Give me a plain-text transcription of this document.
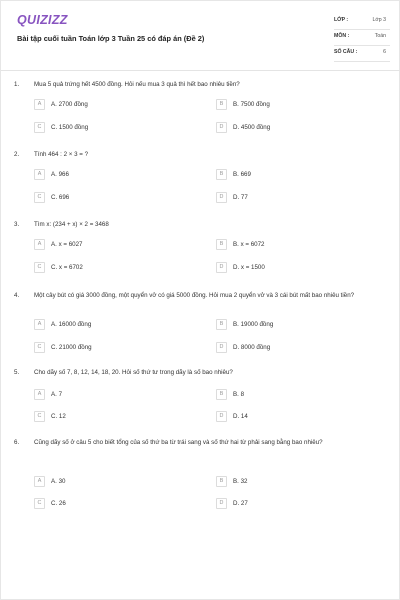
QUIZIZZ
Bài tập cuối tuần Toán lớp 3 Tuần 25 có đáp án (Đề 2)
LỚP :	Lớp 3
MÔN :	Toán
SỐ CÂU :	6
1. Mua 5 quả trứng hết 4500 đồng. Hỏi nếu mua 3 quả thì hết bao nhiêu tiền?
A	A. 2700 đồng	B	B. 7500 đồng
C	C. 1500 đồng	D	D. 4500 đồng
2. Tính 464 : 2 × 3 = ?
A	A. 966	B	B. 669
C	C. 696	D	D. 77
3. Tìm x: (234 + x) × 2 = 3468
A	A. x = 6027	B	B. x = 6072
C	C. x = 6702	D	D. x = 1500
4. Một cây bút có giá 3000 đồng, một quyển vở có giá 5000 đồng. Hỏi mua 2 quyển vở và 3 cái bút mất bao nhiêu tiền?
A	A. 16000 đồng	B	B. 19000 đồng
C	C. 21000 đồng	D	D. 8000 đồng
5. Cho dãy số 7, 8, 12, 14, 18, 20. Hỏi số thứ tư trong dãy là số bao nhiêu?
A	A. 7	B	B. 8
C	C. 12	D	D. 14
6. Cũng dãy số ở câu 5 cho biết tổng của số thứ ba từ trái sang và số thứ hai từ phải sang bằng bao nhiêu?
A	A. 30	B	B. 32
C	C. 26	D	D. 27
